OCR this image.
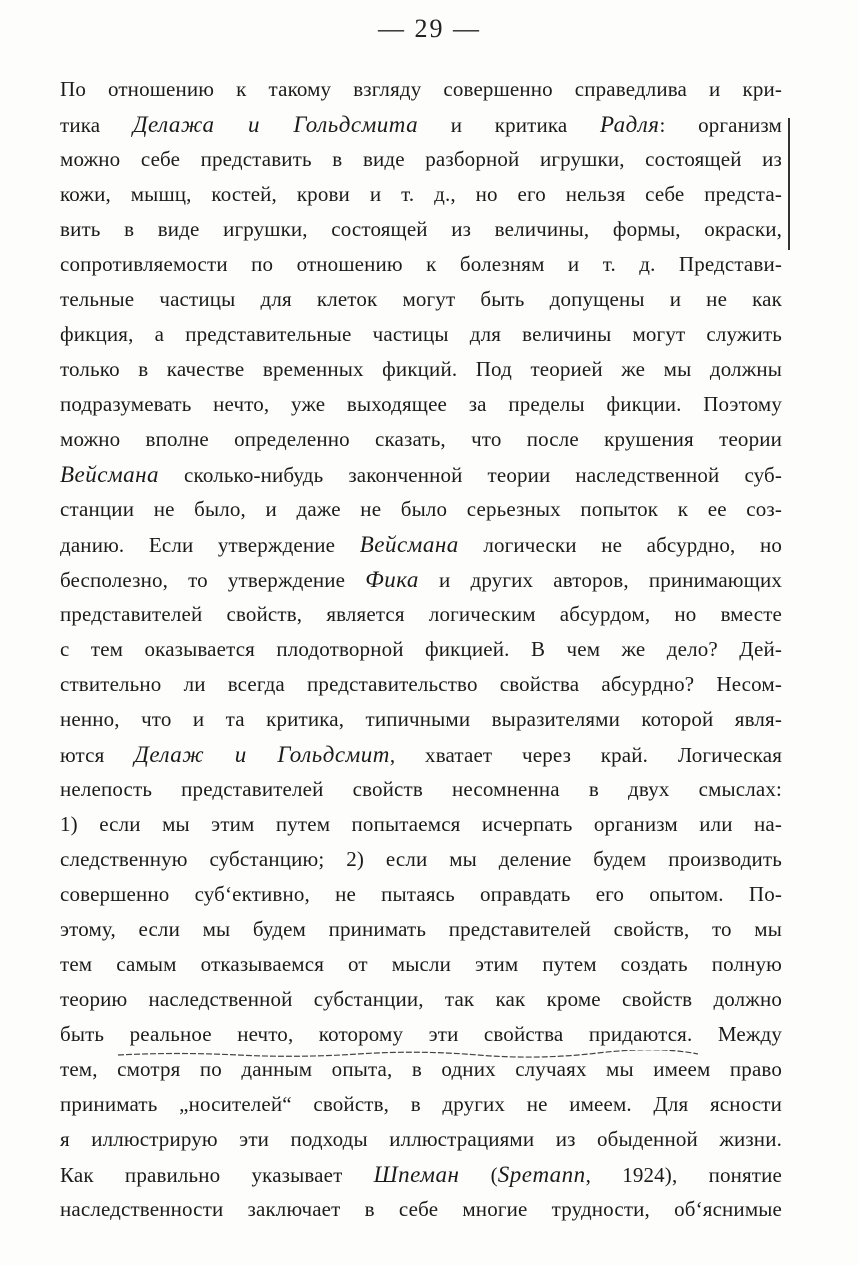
— 29 —
По отношению к такому взгляду совершенно справедлива и кри-
тика Делажа и Гольдсмита и критика Радля: организм
можно себе представить в виде разборной игрушки, состоящей из
кожи, мышц, костей, крови и т. д., но его нельзя себе предста-
вить в виде игрушки, состоящей из величины, формы, окраски,
сопротивляемости по отношению к болезням и т. д. Представи-
тельные частицы для клеток могут быть допущены и не как
фикция, а представительные частицы для величины могут служить
только в качестве временных фикций. Под теорией же мы должны
подразумевать нечто, уже выходящее за пределы фикции. Поэтому
можно вполне определенно сказать, что после крушения теории
Вейсмана сколько-нибудь законченной теории наследственной суб-
станции не было, и даже не было серьезных попыток к ее соз-
данию. Если утверждение Вейсмана логически не абсурдно, но
бесполезно, то утверждение Фика и других авторов, принимающих
представителей свойств, является логическим абсурдом, но вместе
с тем оказывается плодотворной фикцией. В чем же дело? Дей-
ствительно ли всегда представительство свойства абсурдно? Несом-
ненно, что и та критика, типичными выразителями которой явля-
ются Делаж и Гольдсмит, хватает через край. Логическая
нелепость представителей свойств несомненна в двух смыслах:
1) если мы этим путем попытаемся исчерпать организм или на-
следственную субстанцию; 2) если мы деление будем производить
совершенно суб‘ективно, не пытаясь оправдать его опытом. По-
этому, если мы будем принимать представителей свойств, то мы
тем самым отказываемся от мысли этим путем создать полную
теорию наследственной субстанции, так как кроме свойств должно
быть реальное нечто, которому эти свойства придаются. Между
тем, смотря по данным опыта, в одних случаях мы имеем право
принимать „носителей“ свойств, в других не имеем. Для ясности
я иллюстрирую эти подходы иллюстрациями из обыденной жизни.
Как правильно указывает Шпеман (Spemann, 1924), понятие
наследственности заключает в себе многие трудности, об‘яснимые
